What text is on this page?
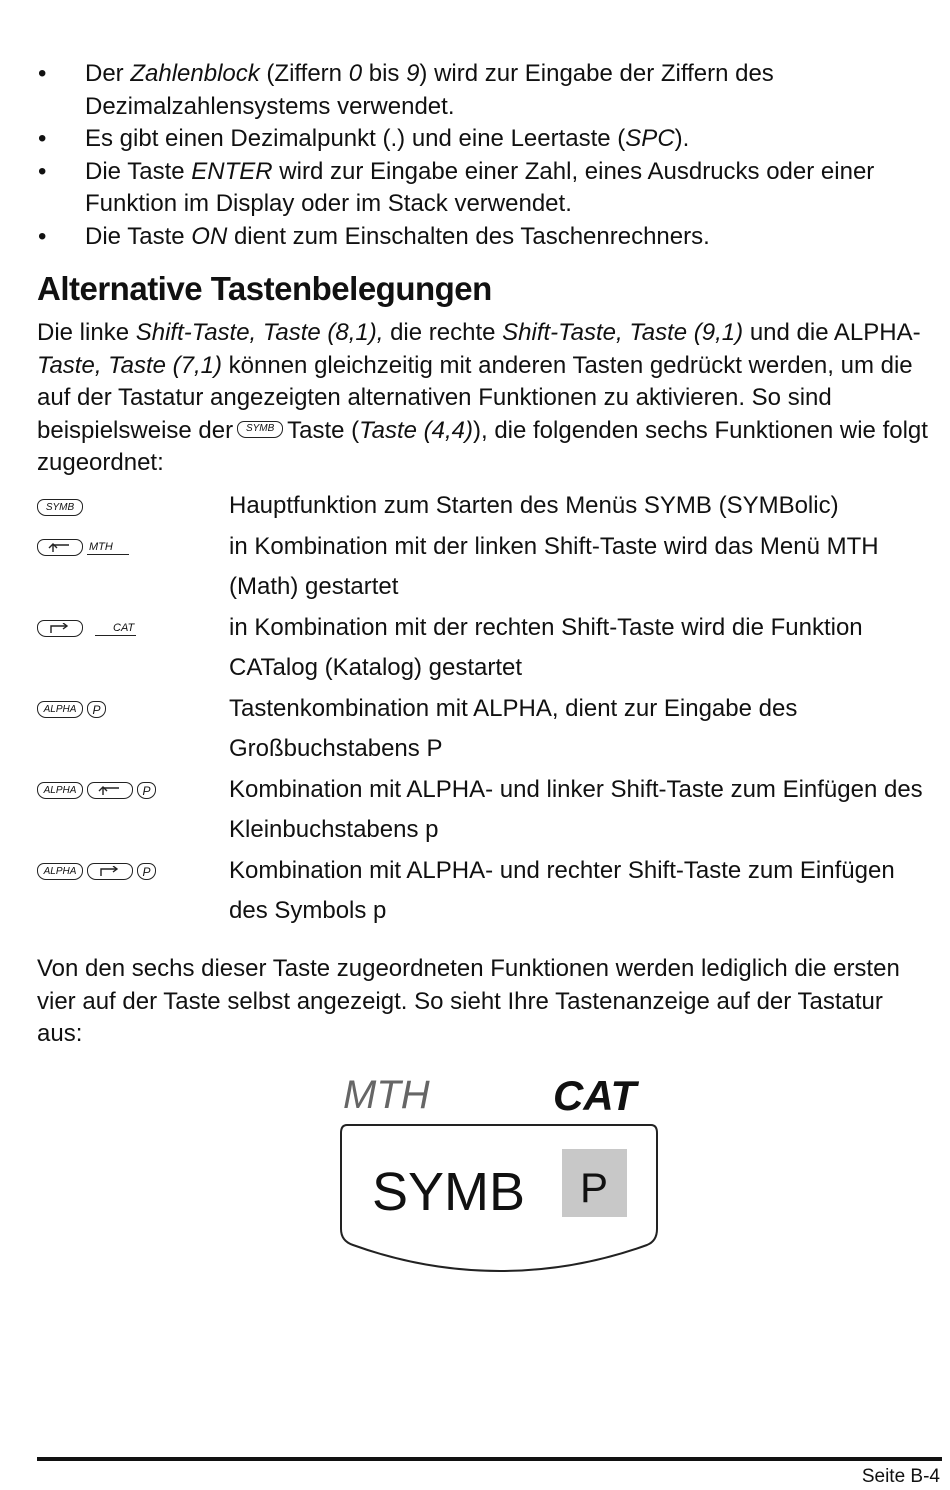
• Der Zahlenblock (Ziffern 0 bis 9) wird zur Eingabe der Ziffern des Dezimalzahlensystems verwendet.
• Es gibt einen Dezimalpunkt (.) und eine Leertaste (SPC).
• Die Taste ENTER wird zur Eingabe einer Zahl, eines Ausdrucks oder einer Funktion im Display oder im Stack verwendet.
• Die Taste ON dient zum Einschalten des Taschenrechners.
Alternative Tastenbelegungen

Die linke Shift-Taste, Taste (8,1), die rechte Shift-Taste, Taste (9,1) und die ALPHA-Taste, Taste (7,1) können gleichzeitig mit anderen Tasten gedrückt werden, um die auf der Tastatur angezeigten alternativen Funktionen zu aktivieren. So sind beispielsweise der	SYMB Taste (Taste (4,4)), die folgenden sechs Funktionen wie folgt zugeordnet:

SYMB	Hauptfunktion zum Starten des Menüs SYMB (SYMBolic)
MTH	in Kombination mit der linken Shift-Taste wird das Menü MTH (Math) gestartet
CAT	in Kombination mit der rechten Shift-Taste wird die Funktion CATalog (Katalog) gestartet
ALPHA	P	Tastenkombination mit ALPHA, dient zur Eingabe des Großbuchstabens P
ALPHA	P	Kombination mit ALPHA- und linker Shift-Taste zum Einfügen des Kleinbuchstabens p
ALPHA	P	Kombination mit ALPHA- und rechter Shift-Taste zum Einfügen des Symbols p

Von den sechs dieser Taste zugeordneten Funktionen werden lediglich die ersten vier auf der Taste selbst angezeigt. So sieht Ihre Tastenanzeige auf der Tastatur aus:

MTH	CAT
SYMB P
Seite B-4
